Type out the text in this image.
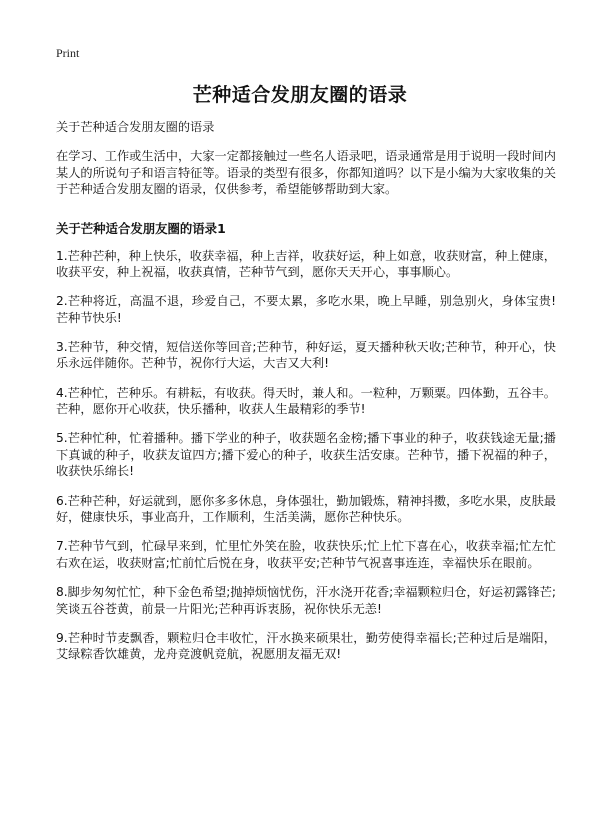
Print
芒种适合发朋友圈的语录

关于芒种适合发朋友圈的语录

在学习、工作或生活中，大家一定都接触过一些名人语录吧，语录通常是用于说明一段时间内某人的所说句子和语言特征等。语录的类型有很多，你都知道吗？以下是小编为大家收集的关于芒种适合发朋友圈的语录，仅供参考，希望能够帮助到大家。

关于芒种适合发朋友圈的语录1

1.芒种芒种，种上快乐，收获幸福，种上吉祥，收获好运，种上如意，收获财富，种上健康，收获平安，种上祝福，收获真情，芒种节气到，愿你天天开心，事事顺心。

2.芒种将近，高温不退，珍爱自己，不要太累，多吃水果，晚上早睡，别急别火，身体宝贵!芒种节快乐!

3.芒种节，种交情，短信送你等回音;芒种节，种好运，夏天播种秋天收;芒种节，种开心，快乐永远伴随你。芒种节，祝你行大运，大吉又大利!

4.芒种忙，芒种乐。有耕耘，有收获。得天时，兼人和。一粒种，万颗粟。四体勤，五谷丰。芒种，愿你开心收获，快乐播种，收获人生最精彩的季节!

5.芒种忙种，忙着播种。播下学业的种子，收获题名金榜;播下事业的种子，收获钱途无量;播下真诚的种子，收获友谊四方;播下爱心的种子，收获生活安康。芒种节，播下祝福的种子，收获快乐绵长!

6.芒种芒种，好运就到，愿你多多休息，身体强壮，勤加锻炼，精神抖擞，多吃水果，皮肤最好，健康快乐，事业高升，工作顺利，生活美满，愿你芒种快乐。

7.芒种节气到，忙碌早来到，忙里忙外笑在脸，收获快乐;忙上忙下喜在心，收获幸福;忙左忙右欢在运，收获财富;忙前忙后悦在身，收获平安;芒种节气祝喜事连连，幸福快乐在眼前。

8.脚步匆匆忙忙，种下金色希望;抛掉烦恼忧伤，汗水浇开花香;幸福颗粒归仓，好运初露锋芒;笑谈五谷苍黄，前景一片阳光;芒种再诉衷肠，祝你快乐无恙!

9.芒种时节麦飘香，颗粒归仓丰收忙，汗水换来硕果壮，勤劳使得幸福长;芒种过后是端阳，艾绿粽香饮雄黄，龙舟竞渡帆竞航，祝愿朋友福无双!
